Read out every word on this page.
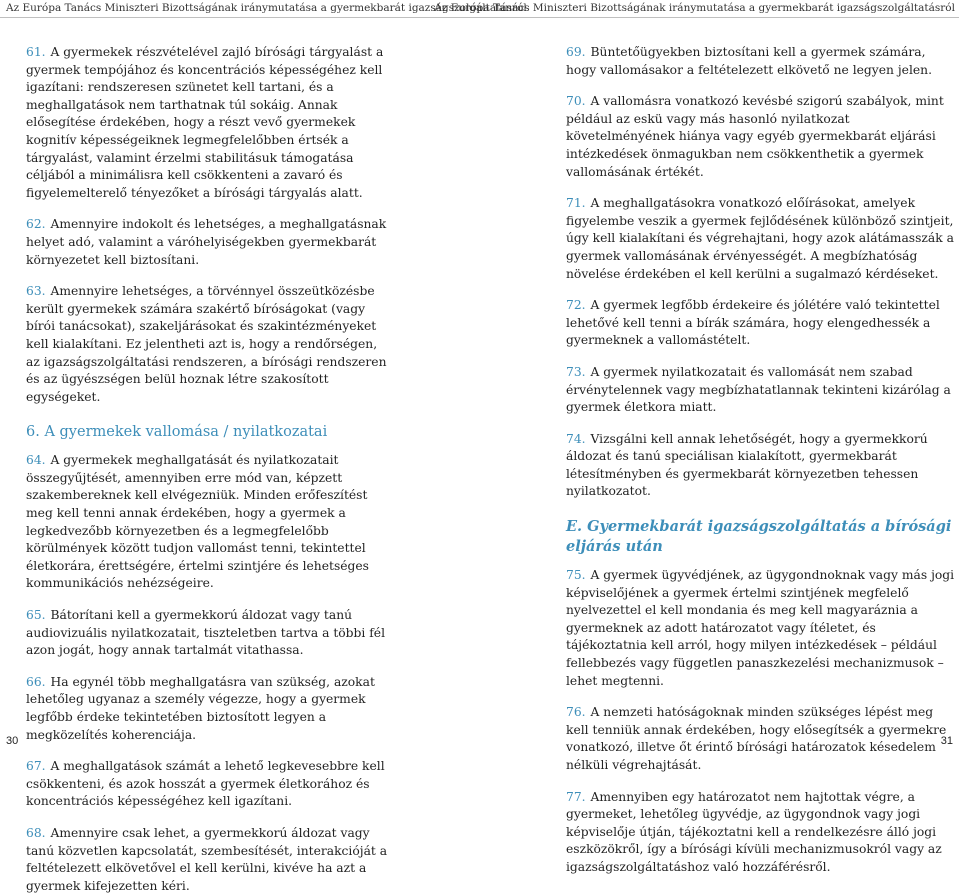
Az Európa Tanács Miniszteri Bizottságának iránymutatása a gyermekbarát igazságszolgáltatásról
Az Európa Tanács Miniszteri Bizottságának iránymutatása a gyermekbarát igazságszolgáltatásról

61. A gyermekek részvételével zajló bírósági tárgyalást a gyermek tempójához és koncentrációs képességéhez kell igazítani: rendszeresen szünetet kell tartani, és a meghallgatások nem tarthatnak túl sokáig. Annak elősegítése érdekében, hogy a részt vevő gyermekek kognitív képességeiknek legmegfelelőbben értsék a tárgyalást, valamint érzelmi stabilitásuk támogatása céljából a minimálisra kell csökkenteni a zavaró és figyelemelterelő tényezőket a bírósági tárgyalás alatt.

62. Amennyire indokolt és lehetséges, a meghallgatásnak helyet adó, valamint a váróhelyiségekben gyermekbarát környezetet kell biztosítani.

63. Amennyire lehetséges, a törvénnyel összeütközésbe került gyermekek számára szakértő bíróságokat (vagy bírói tanácsokat), szakeljárásokat és szakintézményeket kell kialakítani. Ez jelentheti azt is, hogy a rendőrségen, az igazságszolgáltatási rendszeren, a bírósági rendszeren és az ügyészségen belül hoznak létre szakosított egységeket.

6. A gyermekek vallomása / nyilatkozatai

64. A gyermekek meghallgatását és nyilatkozatait összegyűjtését, amennyiben erre mód van, képzett szakembereknek kell elvégezniük. Minden erőfeszítést meg kell tenni annak érdekében, hogy a gyermek a legkedvezőbb környezetben és a legmegfelelőbb körülmények között tudjon vallomást tenni, tekintettel életkorára, érettségére, értelmi szintjére és lehetséges kommunikációs nehézségeire.

65. Bátorítani kell a gyermekkorú áldozat vagy tanú audiovizuális nyilatkozatait, tiszteletben tartva a többi fél azon jogát, hogy annak tartalmát vitathassa.

66. Ha egynél több meghallgatásra van szükség, azokat lehetőleg ugyanaz a személy végezze, hogy a gyermek legfőbb érdeke tekintetében biztosított legyen a megközelítés koherenciája.

67. A meghallgatások számát a lehető legkevesebbre kell csökkenteni, és azok hosszát a gyermek életkorához és koncentrációs képességéhez kell igazítani.

68. Amennyire csak lehet, a gyermekkorú áldozat vagy tanú közvetlen kapcsolatát, szembesítését, interakcióját a feltételezett elkövetővel el kell kerülni, kivéve ha azt a gyermek kifejezetten kéri.

69. Büntetőügyekben biztosítani kell a gyermek számára, hogy vallomásakor a feltételezett elkövető ne legyen jelen.

70. A vallomásra vonatkozó kevésbé szigorú szabályok, mint például az eskü vagy más hasonló nyilatkozat követelményének hiánya vagy egyéb gyermekbarát eljárási intézkedések önmagukban nem csökkenthetik a gyermek vallomásának értékét.

71. A meghallgatásokra vonatkozó előírásokat, amelyek figyelembe veszik a gyermek fejlődésének különböző szintjeit, úgy kell kialakítani és végrehajtani, hogy azok alátámasszák a gyermek vallomásának érvényességét. A megbízhatóság növelése érdekében el kell kerülni a sugalmazó kérdéseket.

72. A gyermek legfőbb érdekeire és jólétére való tekintettel lehetővé kell tenni a bírák számára, hogy elengedhessék a gyermeknek a vallomástételt.

73. A gyermek nyilatkozatait és vallomását nem szabad érvénytelennek vagy megbízhatatlannak tekinteni kizárólag a gyermek életkora miatt.

74. Vizsgálni kell annak lehetőségét, hogy a gyermekkorú áldozat és tanú speciálisan kialakított, gyermekbarát létesítményben és gyermekbarát környezetben tehessen nyilatkozatot.

E. Gyermekbarát igazságszolgáltatás a bírósági eljárás után

75. A gyermek ügyvédjének, az ügygondnoknak vagy más jogi képviselőjének a gyermek értelmi szintjének megfelelő nyelvezettel el kell mondania és meg kell magyaráznia a gyermeknek az adott határozatot vagy ítéletet, és tájékoztatnia kell arról, hogy milyen intézkedések – például fellebbezés vagy független panaszkezelési mechanizmusok – lehet megtenni.

76. A nemzeti hatóságoknak minden szükséges lépést meg kell tenniük annak érdekében, hogy elősegítsék a gyermekre vonatkozó, illetve őt érintő bírósági határozatok késedelem nélküli végrehajtását.

77. Amennyiben egy határozatot nem hajtottak végre, a gyermeket, lehetőleg ügyvédje, az ügygondnok vagy jogi képviselője útján, tájékoztatni kell a rendelkezésre álló jogi eszközökről, így a bírósági kívüli mechanizmusokról vagy az igazságszolgáltatáshoz való hozzáférésről.

30	31
